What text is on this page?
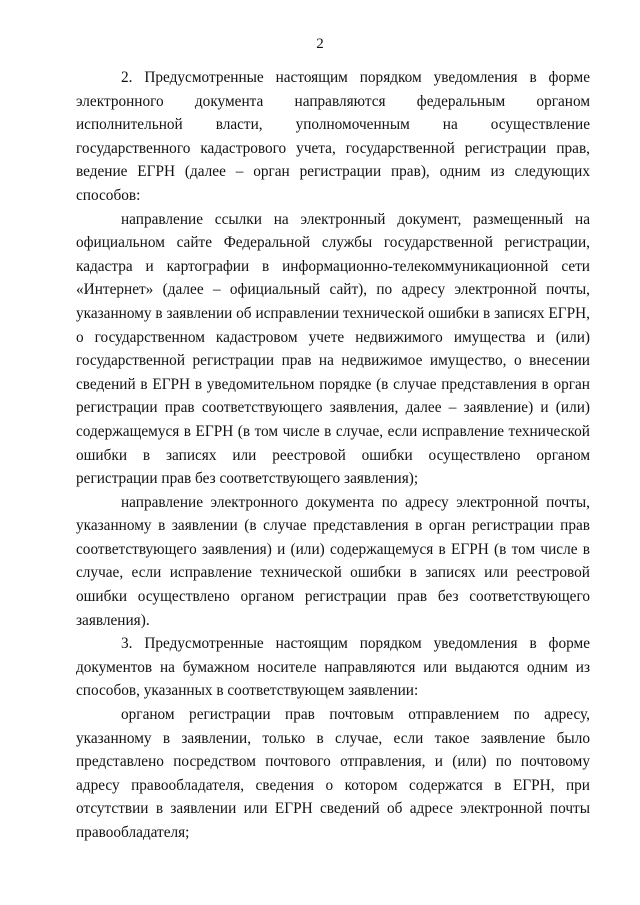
2

2. Предусмотренные настоящим порядком уведомления в форме электронного документа направляются федеральным органом исполнительной власти, уполномоченным на осуществление государственного кадастрового учета, государственной регистрации прав, ведение ЕГРН (далее – орган регистрации прав), одним из следующих способов:

направление ссылки на электронный документ, размещенный на официальном сайте Федеральной службы государственной регистрации, кадастра и картографии в информационно-телекоммуникационной сети «Интернет» (далее – официальный сайт), по адресу электронной почты, указанному в заявлении об исправлении технической ошибки в записях ЕГРН, о государственном кадастровом учете недвижимого имущества и (или) государственной регистрации прав на недвижимое имущество, о внесении сведений в ЕГРН в уведомительном порядке (в случае представления в орган регистрации прав соответствующего заявления, далее – заявление) и (или) содержащемуся в ЕГРН (в том числе в случае, если исправление технической ошибки в записях или реестровой ошибки осуществлено органом регистрации прав без соответствующего заявления);

направление электронного документа по адресу электронной почты, указанному в заявлении (в случае представления в орган регистрации прав соответствующего заявления) и (или) содержащемуся в ЕГРН (в том числе в случае, если исправление технической ошибки в записях или реестровой ошибки осуществлено органом регистрации прав без соответствующего заявления).

3. Предусмотренные настоящим порядком уведомления в форме документов на бумажном носителе направляются или выдаются одним из способов, указанных в соответствующем заявлении:

органом регистрации прав почтовым отправлением по адресу, указанному в заявлении, только в случае, если такое заявление было представлено посредством почтового отправления, и (или) по почтовому адресу правообладателя, сведения о котором содержатся в ЕГРН, при отсутствии в заявлении или ЕГРН сведений об адресе электронной почты правообладателя;
